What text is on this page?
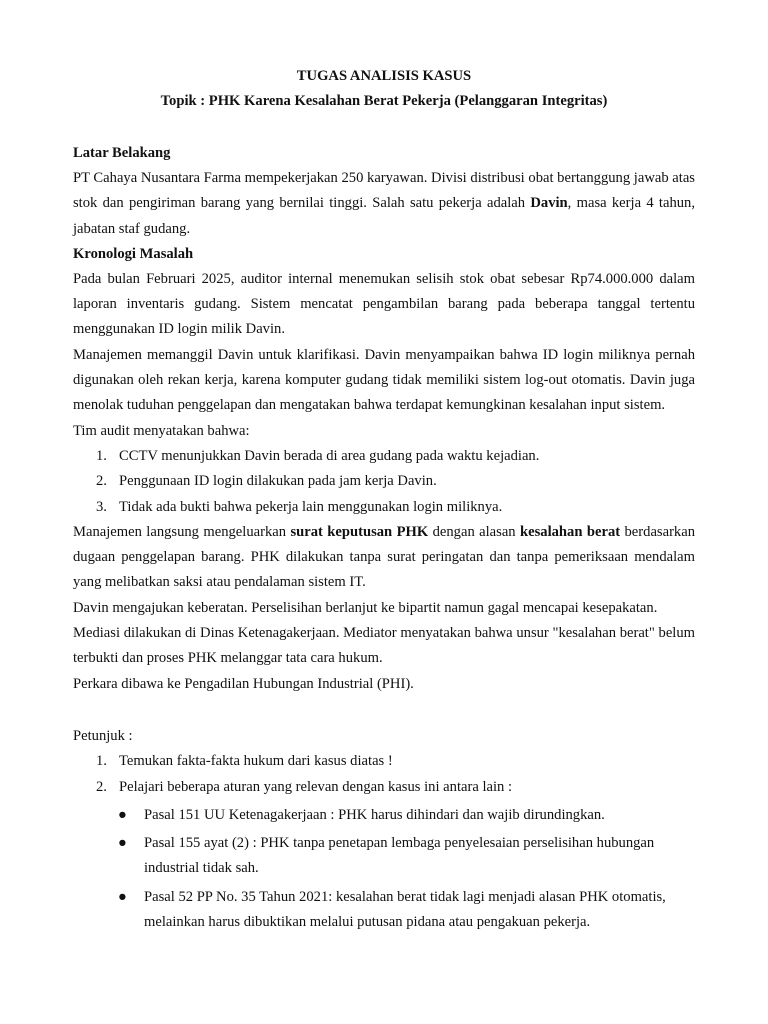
TUGAS ANALISIS KASUS
Topik : PHK Karena Kesalahan Berat Pekerja (Pelanggaran Integritas)
Latar Belakang

PT Cahaya Nusantara Farma mempekerjakan 250 karyawan. Divisi distribusi obat bertanggung jawab atas stok dan pengiriman barang yang bernilai tinggi. Salah satu pekerja adalah Davin, masa kerja 4 tahun, jabatan staf gudang.

Kronologi Masalah

Pada bulan Februari 2025, auditor internal menemukan selisih stok obat sebesar Rp74.000.000 dalam laporan inventaris gudang. Sistem mencatat pengambilan barang pada beberapa tanggal tertentu menggunakan ID login milik Davin.

Manajemen memanggil Davin untuk klarifikasi. Davin menyampaikan bahwa ID login miliknya pernah digunakan oleh rekan kerja, karena komputer gudang tidak memiliki sistem log-out otomatis. Davin juga menolak tuduhan penggelapan dan mengatakan bahwa terdapat kemungkinan kesalahan input sistem.

Tim audit menyatakan bahwa:

1. CCTV menunjukkan Davin berada di area gudang pada waktu kejadian.
2. Penggunaan ID login dilakukan pada jam kerja Davin.
3. Tidak ada bukti bahwa pekerja lain menggunakan login miliknya.

Manajemen langsung mengeluarkan surat keputusan PHK dengan alasan kesalahan berat berdasarkan dugaan penggelapan barang. PHK dilakukan tanpa surat peringatan dan tanpa pemeriksaan mendalam yang melibatkan saksi atau pendalaman sistem IT.

Davin mengajukan keberatan. Perselisihan berlanjut ke bipartit namun gagal mencapai kesepakatan.

Mediasi dilakukan di Dinas Ketenagakerjaan. Mediator menyatakan bahwa unsur "kesalahan berat" belum terbukti dan proses PHK melanggar tata cara hukum.

Perkara dibawa ke Pengadilan Hubungan Industrial (PHI).

Petunjuk :

1. Temukan fakta-fakta hukum dari kasus diatas !
2. Pelajari beberapa aturan yang relevan dengan kasus ini antara lain :
● Pasal 151 UU Ketenagakerjaan : PHK harus dihindari dan wajib dirundingkan.
● Pasal 155 ayat (2) : PHK tanpa penetapan lembaga penyelesaian perselisihan hubungan industrial tidak sah.
● Pasal 52 PP No. 35 Tahun 2021: kesalahan berat tidak lagi menjadi alasan PHK otomatis, melainkan harus dibuktikan melalui putusan pidana atau pengakuan pekerja.
